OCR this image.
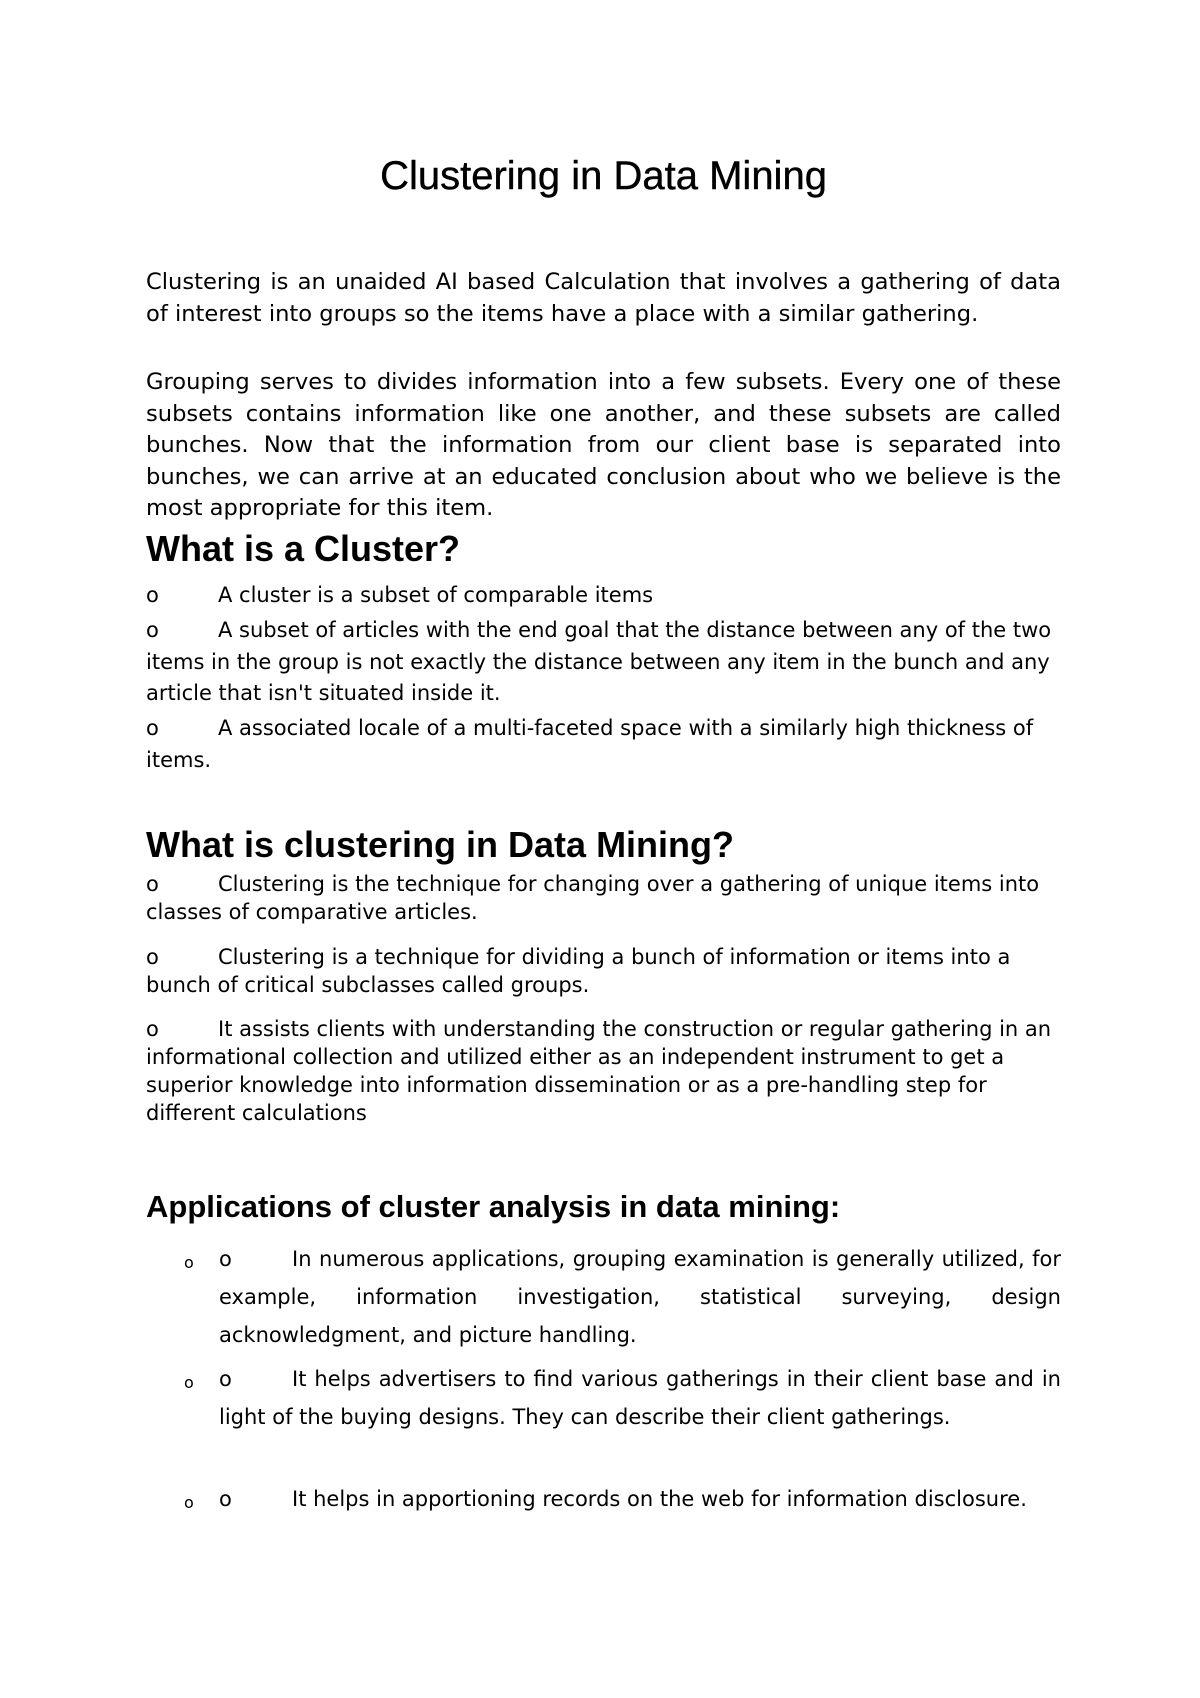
Clustering in Data Mining

Clustering is an unaided AI based Calculation that involves a gathering of data of interest into groups so the items have a place with a similar gathering.

Grouping serves to divides information into a few subsets. Every one of these subsets contains information like one another, and these subsets are called bunches. Now that the information from our client base is separated into bunches, we can arrive at an educated conclusion about who we believe is the most appropriate for this item.

What is a Cluster?

o	A cluster is a subset of comparable items

o	A subset of articles with the end goal that the distance between any of the two items in the group is not exactly the distance between any item in the bunch and any article that isn't situated inside it.

o	A associated locale of a multi-faceted space with a similarly high thickness of items.

What is clustering in Data Mining?

o	Clustering is the technique for changing over a gathering of unique items into classes of comparative articles.

o	Clustering is a technique for dividing a bunch of information or items into a bunch of critical subclasses called groups.

o	It assists clients with understanding the construction or regular gathering in an informational collection and utilized either as an independent instrument to get a superior knowledge into information dissemination or as a pre-handling step for different calculations

Applications of cluster analysis in data mining:
o o	In numerous applications, grouping examination is generally utilized, for example, information investigation, statistical surveying, design acknowledgment, and picture handling.

o o	It helps advertisers to find various gatherings in their client base and in light of the buying designs. They can describe their client gatherings.

o o	It helps in apportioning records on the web for information disclosure.
